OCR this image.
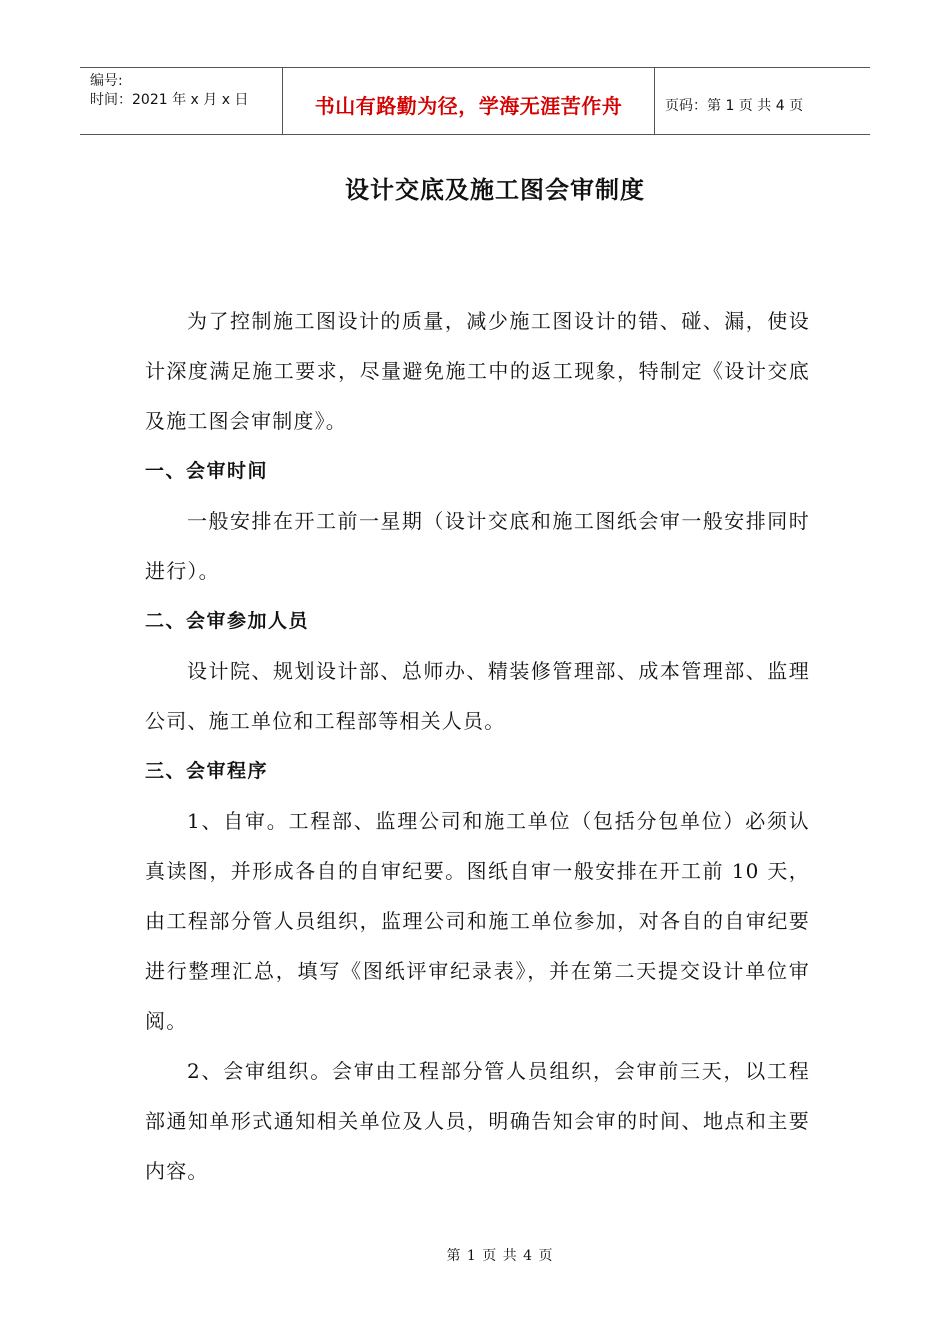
编号:
时间：2021 年 x 月 x 日	书山有路勤为径，学海无涯苦作舟	页码：第 1 页 共 4 页
设计交底及施工图会审制度

为了控制施工图设计的质量，减少施工图设计的错、碰、漏，使设计深度满足施工要求，尽量避免施工中的返工现象，特制定《设计交底及施工图会审制度》。

一、会审时间

一般安排在开工前一星期（设计交底和施工图纸会审一般安排同时进行）。

二、会审参加人员

设计院、规划设计部、总师办、精装修管理部、成本管理部、监理公司、施工单位和工程部等相关人员。

三、会审程序

1、自审。工程部、监理公司和施工单位（包括分包单位）必须认真读图，并形成各自的自审纪要。图纸自审一般安排在开工前 10 天，由工程部分管人员组织，监理公司和施工单位参加，对各自的自审纪要进行整理汇总，填写《图纸评审纪录表》，并在第二天提交设计单位审阅。

2、会审组织。会审由工程部分管人员组织，会审前三天，以工程部通知单形式通知相关单位及人员，明确告知会审的时间、地点和主要内容。

第 1 页 共 4 页
